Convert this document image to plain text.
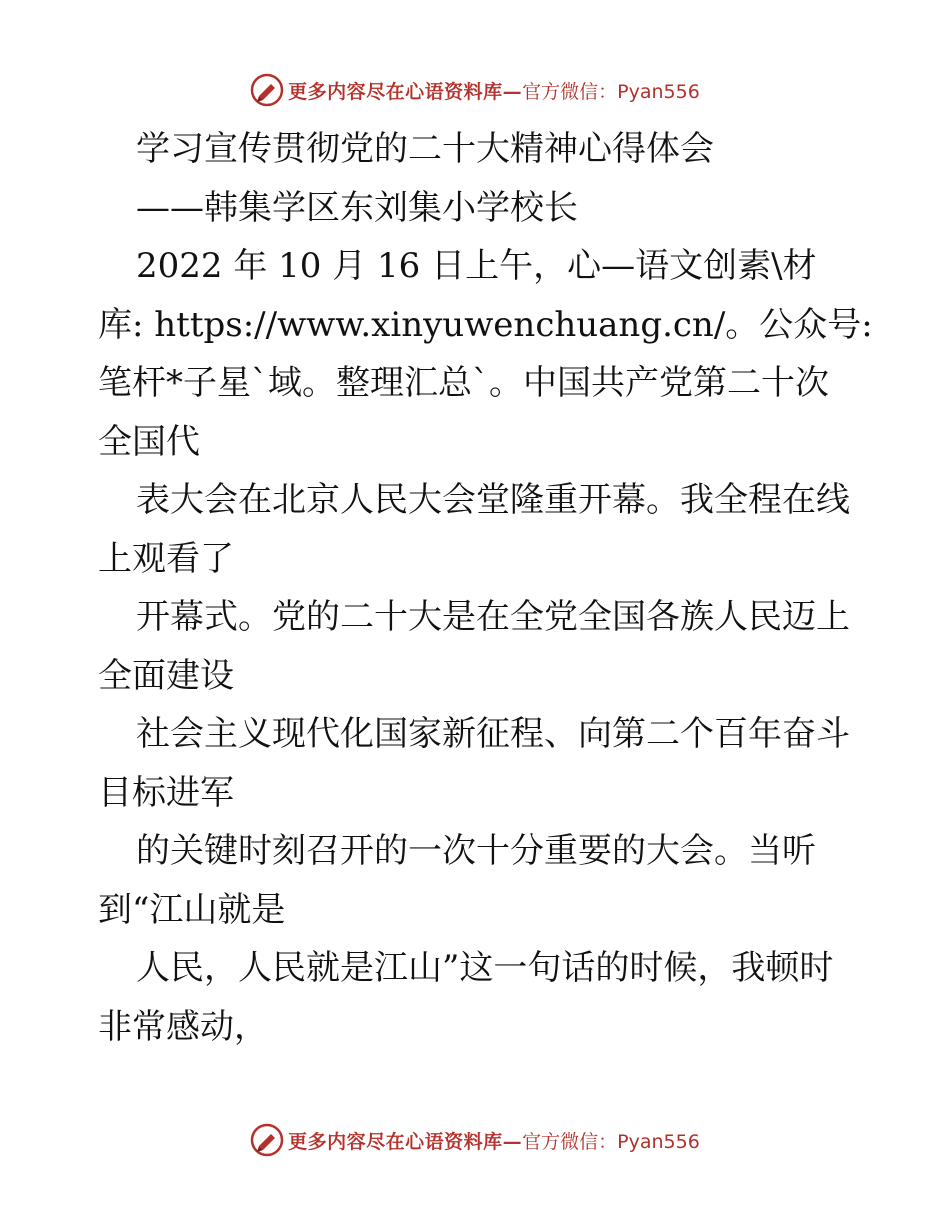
更多内容尽在心语资料库— 官方微信：Pyan556
学习宣传贯彻党的二十大精神心得体会
——韩集学区东刘集小学校长
2022 年 10 月 16 日上午，心—语文创素\材
库: https://www.xinyuwenchuang.cn/。公众号:
笔杆*子星`域。整理汇总`。中国共产党第二十次
全国代
表大会在北京人民大会堂隆重开幕。我全程在线
上观看了
开幕式。党的二十大是在全党全国各族人民迈上
全面建设
社会主义现代化国家新征程、向第二个百年奋斗
目标进军
的关键时刻召开的一次十分重要的大会。当听
到“江山就是
人民，人民就是江山”这一句话的时候，我顿时
非常感动，
更多内容尽在心语资料库— 官方微信：Pyan556
